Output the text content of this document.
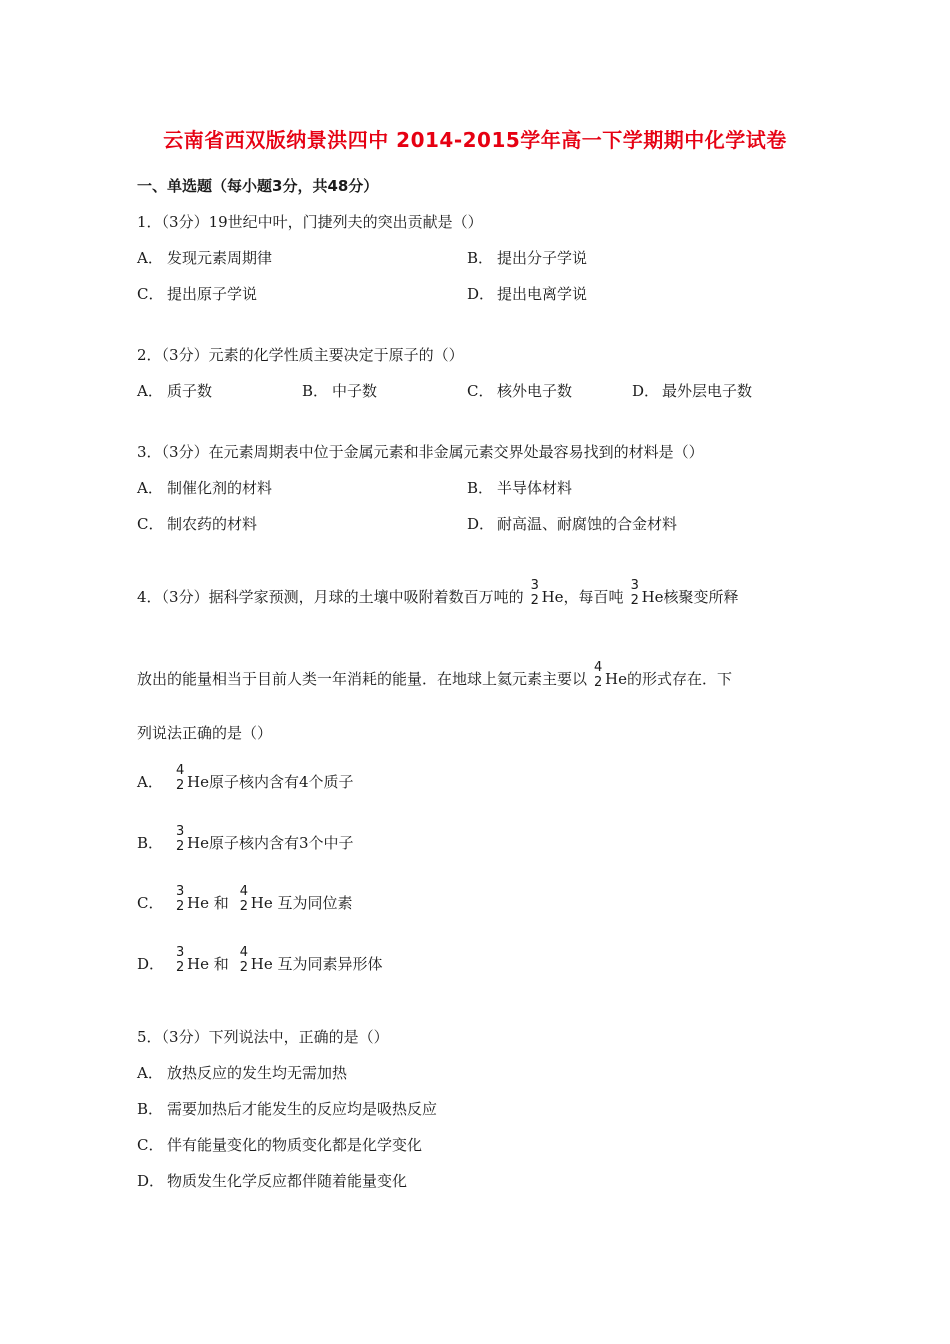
云南省西双版纳景洪四中 2014-2015学年高一下学期期中化学试卷
一、单选题（每小题3分，共48分）
1．（3分）19世纪中叶，门捷列夫的突出贡献是（）
A． 发现元素周期律	B． 提出分子学说
C． 提出原子学说	D． 提出电离学说
2．（3分）元素的化学性质主要决定于原子的（）
A． 质子数	B． 中子数	C． 核外电子数	D． 最外层电子数
3．（3分）在元素周期表中位于金属元素和非金属元素交界处最容易找到的材料是（）
A． 制催化剂的材料	B． 半导体材料
C． 制农药的材料	D． 耐高温、耐腐蚀的合金材料
4．（3分）据科学家预测，月球的土壤中吸附着数百万吨的
3
2 He，每百吨
3
2 He核聚变所释
放出的能量相当于目前人类一年消耗的能量．在地球上氦元素主要以
4
2 He的形式存在．下
列说法正确的是（）
A．
4
2 He原子核内含有4个质子
B．
3
2 He原子核内含有3个中子
C．
3
2 He 和
4
2 He 互为同位素
D．
3
2 He 和
4
2 He 互为同素异形体
5．（3分）下列说法中，正确的是（）
A． 放热反应的发生均无需加热
B． 需要加热后才能发生的反应均是吸热反应
C． 伴有能量变化的物质变化都是化学变化
D． 物质发生化学反应都伴随着能量变化
